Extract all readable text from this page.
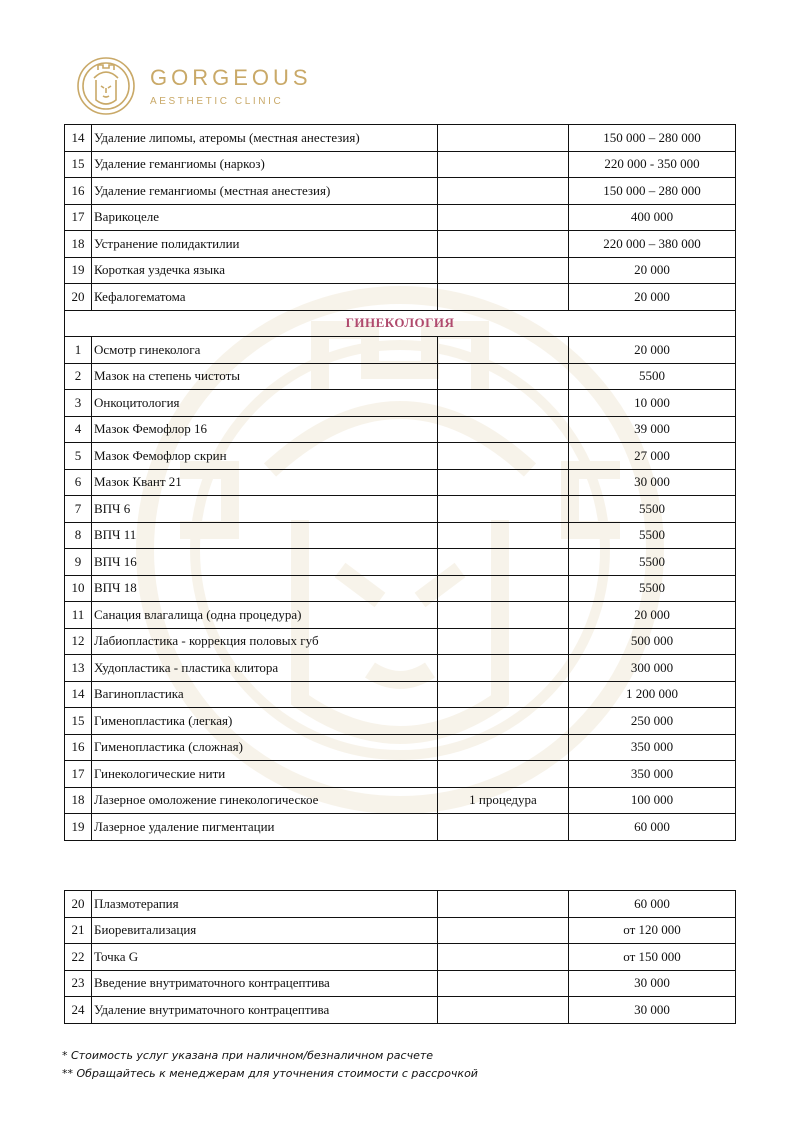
GORGEOUS
AESTHETIC CLINIC
14	Удаление липомы, атеромы (местная анестезия)		150 000 – 280 000
15	Удаление гемангиомы (наркоз)		220 000 - 350 000
16	Удаление гемангиомы (местная анестезия)		150 000 – 280 000
17	Варикоцеле		400 000
18	Устранение полидактилии		220 000 – 380 000
19	Короткая уздечка языка		20 000
20	Кефалогематома		20 000
ГИНЕКОЛОГИЯ			
1	Осмотр гинеколога		20 000
2	Мазок на степень чистоты		5500
3	Онкоцитология		10 000
4	Мазок Фемофлор 16		39 000
5	Мазок Фемофлор скрин		27 000
6	Мазок Квант 21		30 000
7	ВПЧ 6		5500
8	ВПЧ 11		5500
9	ВПЧ 16		5500
10	ВПЧ 18		5500
11	Санация влагалища (одна процедура)		20 000
12	Лабиопластика - коррекция половых губ		500 000
13	Худопластика - пластика клитора		300 000
14	Вагинопластика		1 200 000
15	Гименопластика (легкая)		250 000
16	Гименопластика (сложная)		350 000
17	Гинекологические нити		350 000
18	Лазерное омоложение гинекологическое	1 процедура	100 000
19	Лазерное удаление пигментации		60 000
20	Плазмотерапия		60 000
21	Биоревитализация		от 120 000
22	Точка G		от 150 000
23	Введение внутриматочного контрацептива		30 000
24	Удаление внутриматочного контрацептива		30 000
* Стоимость услуг указана при наличном/безналичном расчете
** Обращайтесь к менеджерам для уточнения стоимости с рассрочкой
